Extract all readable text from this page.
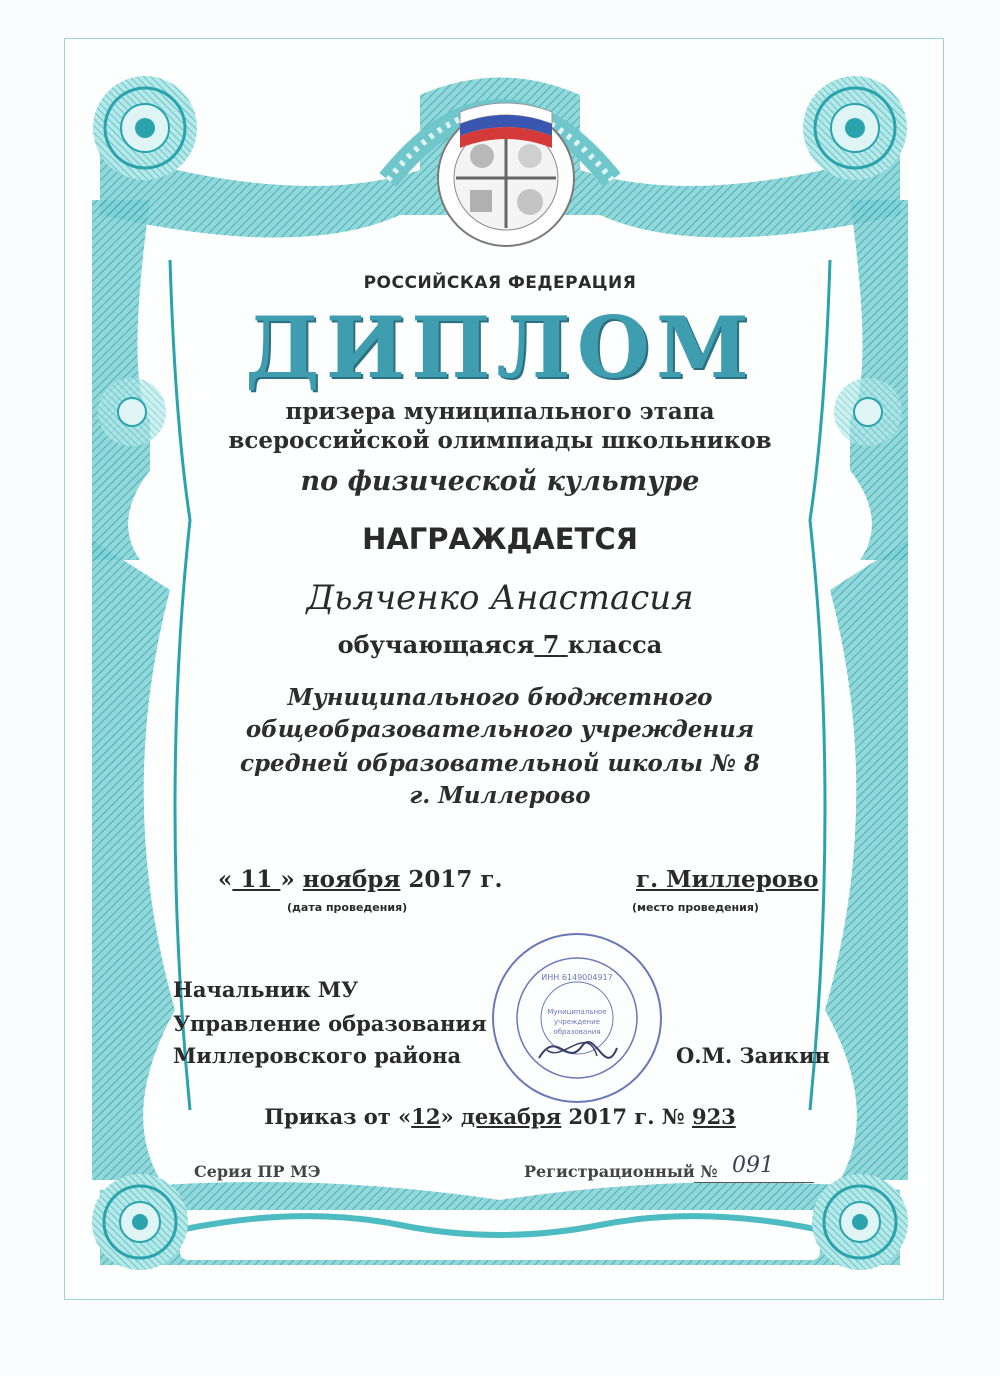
РОССИЙСКАЯ ФЕДЕРАЦИЯ

ДИПЛОМ

призера муниципального этапа

всероссийской олимпиады школьников

по физической культуре

НАГРАЖДАЕТСЯ

Дьяченко Анастасия

обучающаяся 7 класса

Муниципального бюджетного

общеобразовательного учреждения

средней образовательной школы № 8

г. Миллерово

« 11 » ноября 2017 г.	г. Миллерово
(дата проведения)	(место проведения)
Начальник МУ
Управление образования
Миллеровского района	О.М. Заикин
ИНН 6149004917
Муниципальное
учреждение
образования

Приказ от «12» декабря 2017 г. № 923

Серия ПР МЭ	Регистрационный № 091
